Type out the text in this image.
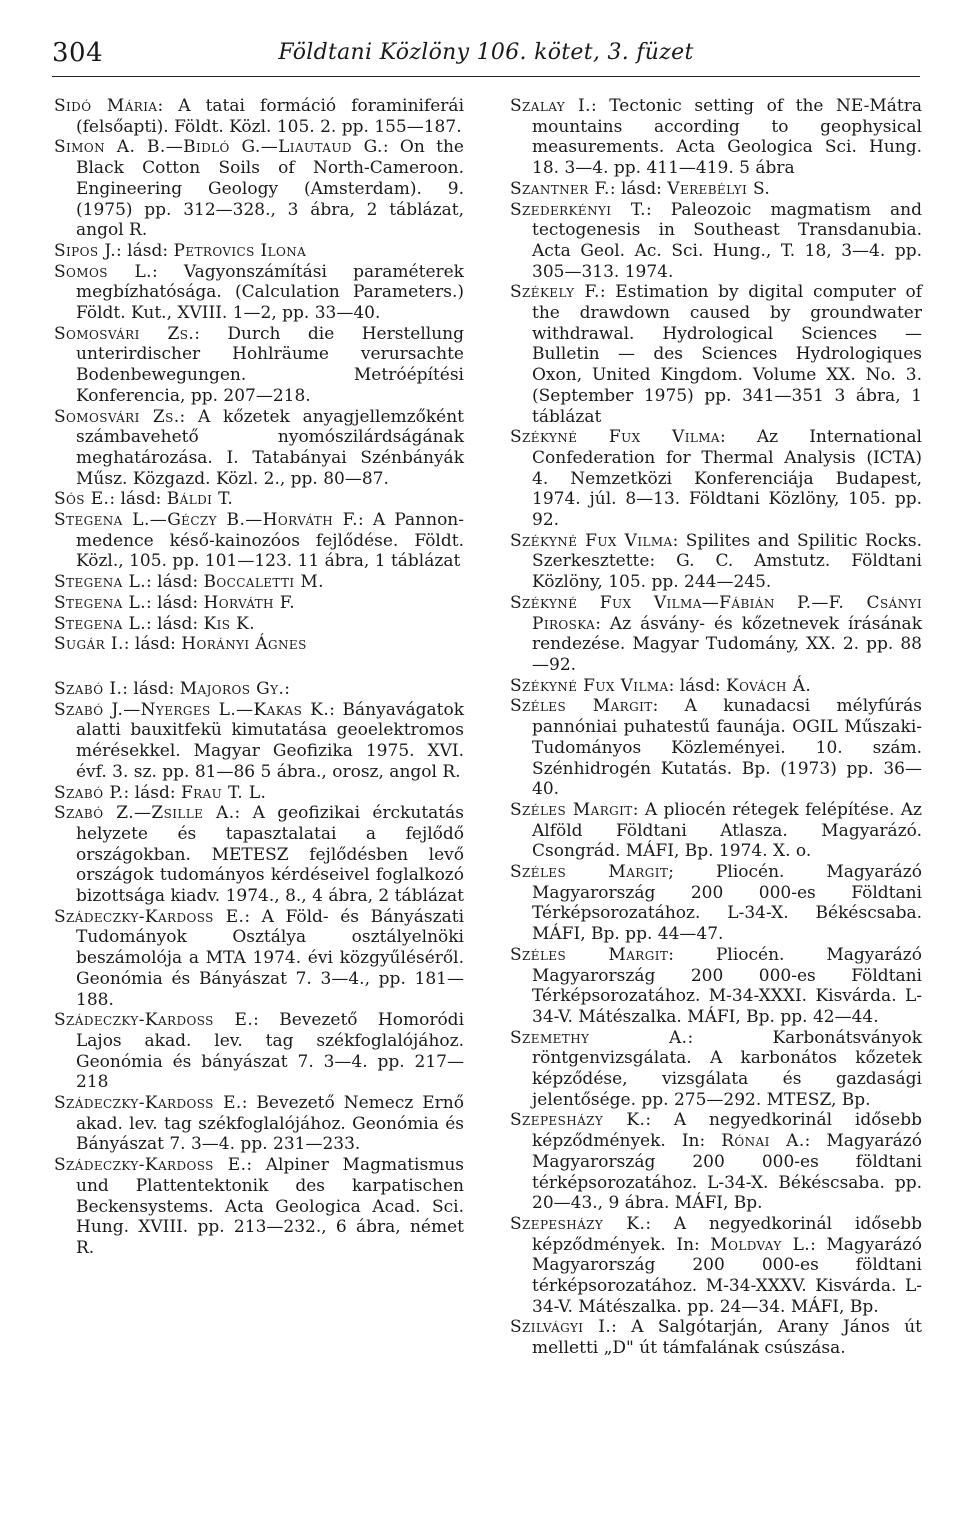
304	Földtani Közlöny 106. kötet, 3. füzet
Sidó Mária: A tatai formáció foraminiferái (felsőapti). Földt. Közl. 105. 2. pp. 155—187.
Simon A. B.—Bidló G.—Liautaud G.: On the Black Cotton Soils of North-Cameroon. Engineering Geology (Amsterdam). 9. (1975) pp. 312—328., 3 ábra, 2 táblázat, angol R.
Sipos J.: lásd: Petrovics Ilona
Somos L.: Vagyonszámítási paraméterek megbízhatósága. (Calculation Parameters.) Földt. Kut., XVIII. 1—2, pp. 33—40.
Somosvári Zs.: Durch die Herstellung unterirdischer Hohlräume verursachte Bodenbewegungen. Metróépítési Konferencia, pp. 207—218.
Somosvári Zs.: A kőzetek anyagjellemzőként számbavehető nyomószilárdságának meghatározása. I. Tatabányai Szénbányák Műsz. Közgazd. Közl. 2., pp. 80—87.
Sós E.: lásd: Báldi T.
Stegena L.—Géczy B.—Horváth F.: A Pannon-medence késő-kainozóos fejlődése. Földt. Közl., 105. pp. 101—123. 11 ábra, 1 táblázat
Stegena L.: lásd: Boccaletti M.
Stegena L.: lásd: Horváth F.
Stegena L.: lásd: Kis K.
Sugár I.: lásd: Horányi Ágnes
Szabó I.: lásd: Majoros Gy.:
Szabó J.—Nyerges L.—Kakas K.: Bányavágatok alatti bauxitfekü kimutatása geoelektromos mérésekkel. Magyar Geofizika 1975. XVI. évf. 3. sz. pp. 81—86 5 ábra., orosz, angol R.
Szabó P.: lásd: Frau T. L.
Szabó Z.—Zsille A.: A geofizikai érckutatás helyzete és tapasztalatai a fejlődő országokban. METESZ fejlődésben levő országok tudományos kérdéseivel foglalkozó bizottsága kiadv. 1974., 8., 4 ábra, 2 táblázat
Szádeczky-Kardoss E.: A Föld- és Bányászati Tudományok Osztálya osztályelnöki beszámolója a MTA 1974. évi közgyűléséről. Geonómia és Bányászat 7. 3—4., pp. 181—188.
Szádeczky-Kardoss E.: Bevezető Homoródi Lajos akad. lev. tag székfoglalójához. Geonómia és bányászat 7. 3—4. pp. 217—218
Szádeczky-Kardoss E.: Bevezető Nemecz Ernő akad. lev. tag székfoglalójához. Geonómia és Bányászat 7. 3—4. pp. 231—233.
Szádeczky-Kardoss E.: Alpiner Magmatismus und Plattentektonik des karpatischen Beckensystems. Acta Geologica Acad. Sci. Hung. XVIII. pp. 213—232., 6 ábra, német R.
Szalay I.: Tectonic setting of the NE-Mátra mountains according to geophysical measurements. Acta Geologica Sci. Hung. 18. 3—4. pp. 411—419. 5 ábra
Szantner F.: lásd: Verebélyi S.
Szederkényi T.: Paleozoic magmatism and tectogenesis in Southeast Transdanubia. Acta Geol. Ac. Sci. Hung., T. 18, 3—4. pp. 305—313. 1974.
Székely F.: Estimation by digital computer of the drawdown caused by groundwater withdrawal. Hydrological Sciences — Bulletin — des Sciences Hydrologiques Oxon, United Kingdom. Volume XX. No. 3. (September 1975) pp. 341—351 3 ábra, 1 táblázat
Székyné Fux Vilma: Az International Confederation for Thermal Analysis (ICTA) 4. Nemzetközi Konferenciája Budapest, 1974. júl. 8—13. Földtani Közlöny, 105. pp. 92.
Székyné Fux Vilma: Spilites and Spilitic Rocks. Szerkesztette: G. C. Amstutz. Földtani Közlöny, 105. pp. 244—245.
Székyné Fux Vilma—Fábián P.—F. Csányi Piroska: Az ásvány- és kőzetnevek írásának rendezése. Magyar Tudomány, XX. 2. pp. 88—92.
Székyné Fux Vilma: lásd: Kovách Á.
Széles Margit: A kunadacsi mélyfúrás pannóniai puhatestű faunája. OGIL Műszaki-Tudományos Közleményei. 10. szám. Szénhidrogén Kutatás. Bp. (1973) pp. 36—40.
Széles Margit: A pliocén rétegek felépítése. Az Alföld Földtani Atlasza. Magyarázó. Csongrád. MÁFI, Bp. 1974. X. o.
Széles Margit; Pliocén. Magyarázó Magyarország 200 000-es Földtani Térképsorozatához. L-34-X. Békéscsaba. MÁFI, Bp. pp. 44—47.
Széles Margit: Pliocén. Magyarázó Magyarország 200 000-es Földtani Térképsorozatához. M-34-XXXI. Kisvárda. L-34-V. Mátészalka. MÁFI, Bp. pp. 42—44.
Szemethy A.: Karbonátsványok röntgenvizsgálata. A karbonátos kőzetek képződése, vizsgálata és gazdasági jelentősége. pp. 275—292. MTESZ, Bp.
Szepesházy K.: A negyedkorinál idősebb képződmények. In: Rónai A.: Magyarázó Magyarország 200 000-es földtani térképsorozatához. L-34-X. Békéscsaba. pp. 20—43., 9 ábra. MÁFI, Bp.
Szepesházy K.: A negyedkorinál idősebb képződmények. In: Moldvay L.: Magyarázó Magyarország 200 000-es földtani térképsorozatához. M-34-XXXV. Kisvárda. L-34-V. Mátészalka. pp. 24—34. MÁFI, Bp.
Szilvágyi I.: A Salgótarján, Arany János út melletti „D" út támfalának csúszása.
